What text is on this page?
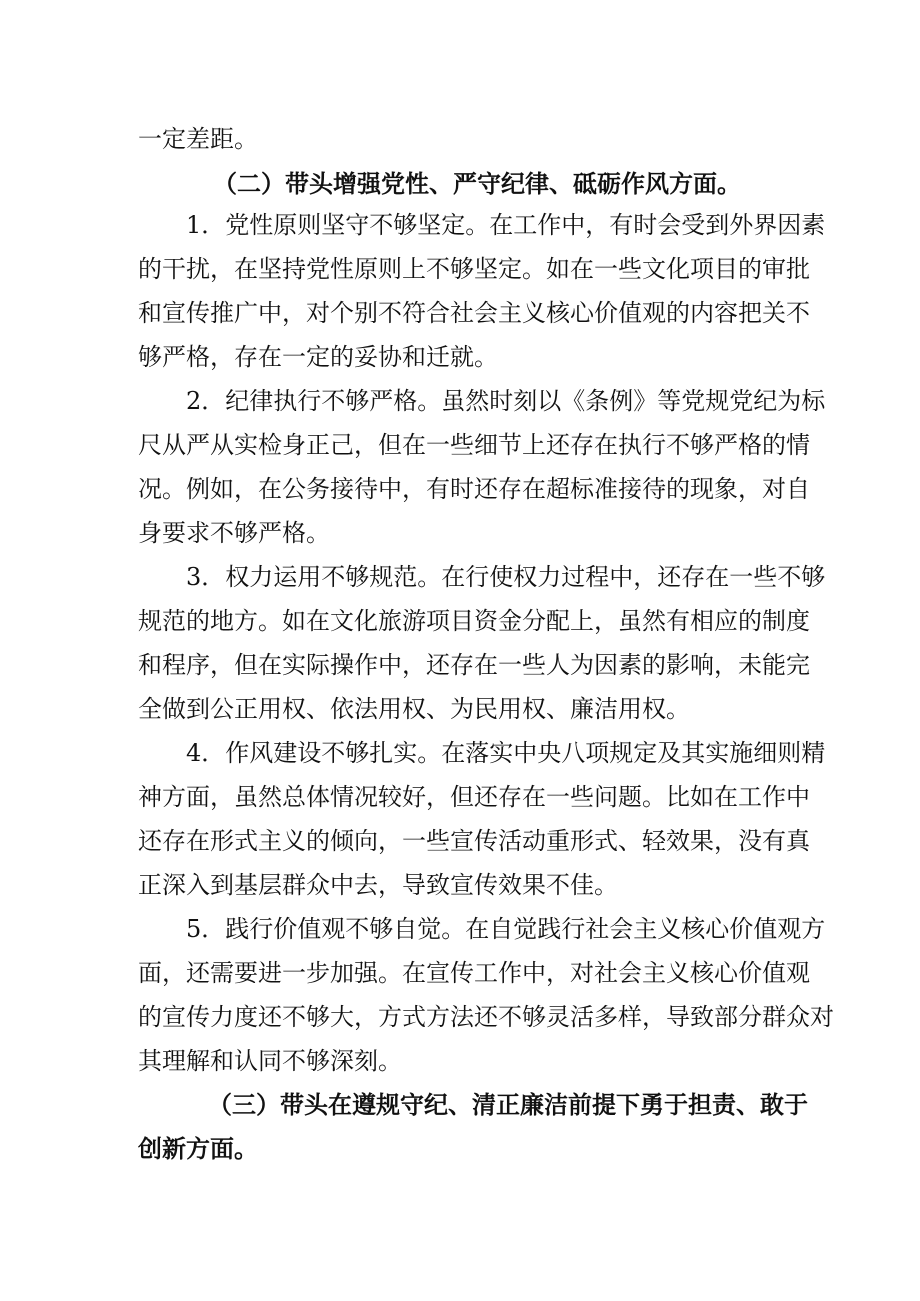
一定差距。
（二）带头增强党性、严守纪律、砥砺作风方面。
1．党性原则坚守不够坚定。在工作中，有时会受到外界因素
的干扰，在坚持党性原则上不够坚定。如在一些文化项目的审批
和宣传推广中，对个别不符合社会主义核心价值观的内容把关不
够严格，存在一定的妥协和迁就。
2．纪律执行不够严格。虽然时刻以《条例》等党规党纪为标
尺从严从实检身正己，但在一些细节上还存在执行不够严格的情
况。例如，在公务接待中，有时还存在超标准接待的现象，对自
身要求不够严格。
3．权力运用不够规范。在行使权力过程中，还存在一些不够
规范的地方。如在文化旅游项目资金分配上，虽然有相应的制度
和程序，但在实际操作中，还存在一些人为因素的影响，未能完
全做到公正用权、依法用权、为民用权、廉洁用权。
4．作风建设不够扎实。在落实中央八项规定及其实施细则精
神方面，虽然总体情况较好，但还存在一些问题。比如在工作中
还存在形式主义的倾向，一些宣传活动重形式、轻效果，没有真
正深入到基层群众中去，导致宣传效果不佳。
5．践行价值观不够自觉。在自觉践行社会主义核心价值观方
面，还需要进一步加强。在宣传工作中，对社会主义核心价值观
的宣传力度还不够大，方式方法还不够灵活多样，导致部分群众对
其理解和认同不够深刻。
（三）带头在遵规守纪、清正廉洁前提下勇于担责、敢于
创新方面。
